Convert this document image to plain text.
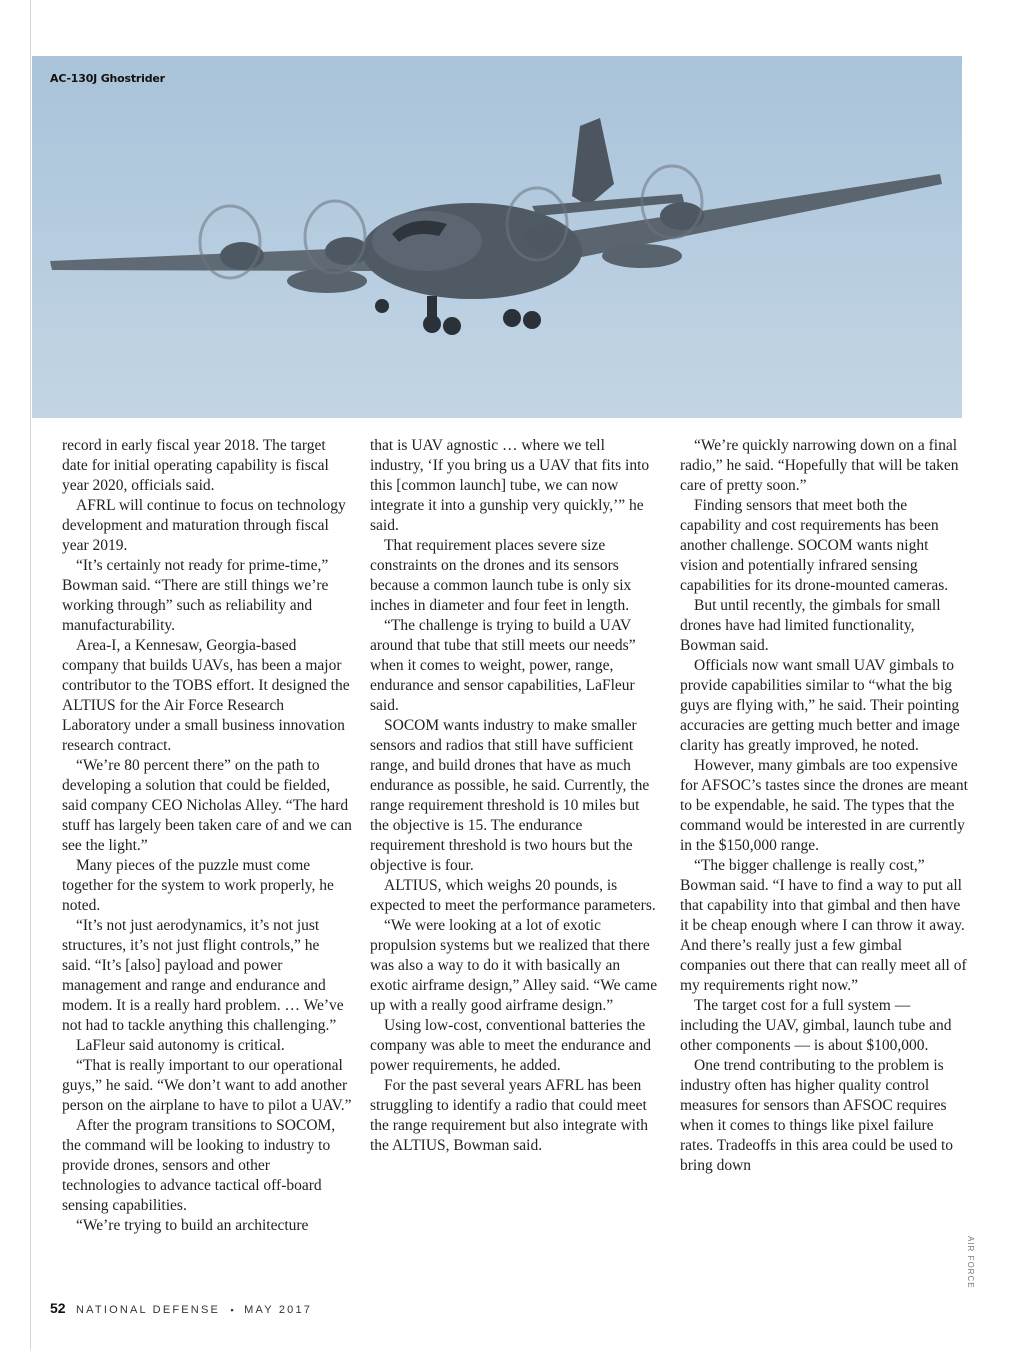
AC-130J Ghostrider

record in early fiscal year 2018. The target date for initial operating capability is fiscal year 2020, officials said.

AFRL will continue to focus on technology development and maturation through fiscal year 2019.

“It’s certainly not ready for prime-time,” Bowman said. “There are still things we’re working through” such as reliability and manufacturability.

Area-I, a Kennesaw, Georgia-based company that builds UAVs, has been a major contributor to the TOBS effort. It designed the ALTIUS for the Air Force Research Laboratory under a small business innovation research contract.

“We’re 80 percent there” on the path to developing a solution that could be fielded, said company CEO Nicholas Alley. “The hard stuff has largely been taken care of and we can see the light.”

Many pieces of the puzzle must come together for the system to work properly, he noted.

“It’s not just aerodynamics, it’s not just structures, it’s not just flight controls,” he said. “It’s [also] payload and power management and range and endurance and modem. It is a really hard problem. … We’ve not had to tackle anything this challenging.”

LaFleur said autonomy is critical.

“That is really important to our operational guys,” he said. “We don’t want to add another person on the airplane to have to pilot a UAV.”

After the program transitions to SOCOM, the command will be looking to industry to provide drones, sensors and other technologies to advance tactical off-board sensing capabilities.

“We’re trying to build an architecture

that is UAV agnostic … where we tell industry, ‘If you bring us a UAV that fits into this [common launch] tube, we can now integrate it into a gunship very quickly,’” he said.

That requirement places severe size constraints on the drones and its sensors because a common launch tube is only six inches in diameter and four feet in length.

“The challenge is trying to build a UAV around that tube that still meets our needs” when it comes to weight, power, range, endurance and sensor capabilities, LaFleur said.

SOCOM wants industry to make smaller sensors and radios that still have sufficient range, and build drones that have as much endurance as possible, he said. Currently, the range requirement threshold is 10 miles but the objective is 15. The endurance requirement threshold is two hours but the objective is four.

ALTIUS, which weighs 20 pounds, is expected to meet the performance parameters.

“We were looking at a lot of exotic propulsion systems but we realized that there was also a way to do it with basically an exotic airframe design,” Alley said. “We came up with a really good airframe design.”

Using low-cost, conventional batteries the company was able to meet the endurance and power requirements, he added.

For the past several years AFRL has been struggling to identify a radio that could meet the range requirement but also integrate with the ALTIUS, Bowman said.

“We’re quickly narrowing down on a final radio,” he said. “Hopefully that will be taken care of pretty soon.”

Finding sensors that meet both the capability and cost requirements has been another challenge. SOCOM wants night vision and potentially infrared sensing capabilities for its drone-mounted cameras.

But until recently, the gimbals for small drones have had limited functionality, Bowman said.

Officials now want small UAV gimbals to provide capabilities similar to “what the big guys are flying with,” he said. Their pointing accuracies are getting much better and image clarity has greatly improved, he noted.

However, many gimbals are too expensive for AFSOC’s tastes since the drones are meant to be expendable, he said. The types that the command would be interested in are currently in the $150,000 range.

“The bigger challenge is really cost,” Bowman said. “I have to find a way to put all that capability into that gimbal and then have it be cheap enough where I can throw it away. And there’s really just a few gimbal companies out there that can really meet all of my requirements right now.”

The target cost for a full system — including the UAV, gimbal, launch tube and other components — is about $100,000.

One trend contributing to the problem is industry often has higher quality control measures for sensors than AFSOC requires when it comes to things like pixel failure rates. Tradeoffs in this area could be used to bring down

AIR FORCE
52 NATIONAL DEFENSE ▪ MAY 2017
